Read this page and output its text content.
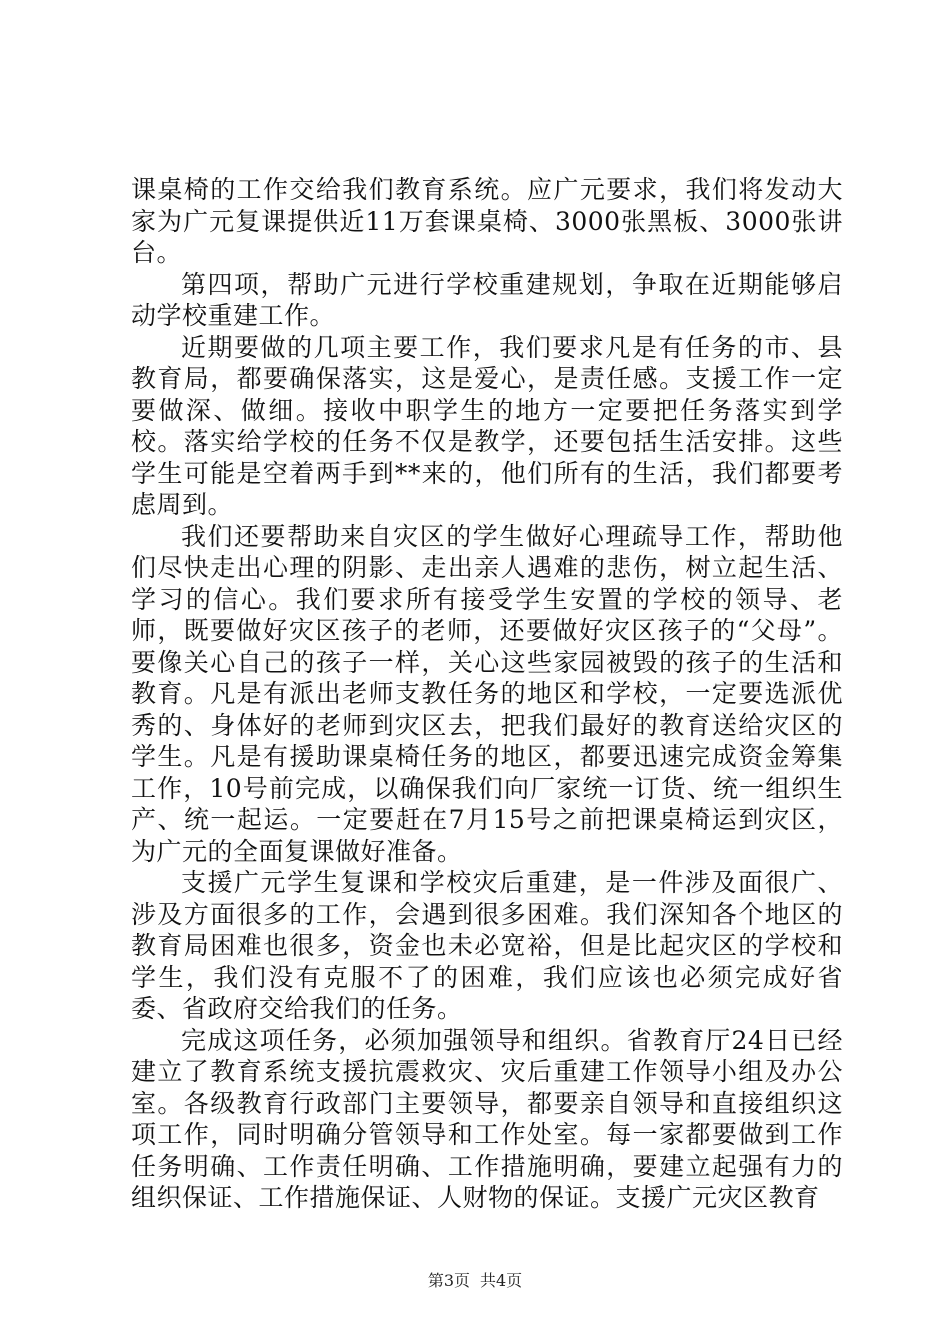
课桌椅的工作交给我们教育系统。应广元要求，我们将发动大家为广元复课提供近11万套课桌椅、3000张黑板、3000张讲台。

第四项，帮助广元进行学校重建规划，争取在近期能够启动学校重建工作。

近期要做的几项主要工作，我们要求凡是有任务的市、县教育局，都要确保落实，这是爱心，是责任感。支援工作一定要做深、做细。接收中职学生的地方一定要把任务落实到学校。落实给学校的任务不仅是教学，还要包括生活安排。这些学生可能是空着两手到**来的，他们所有的生活，我们都要考虑周到。

我们还要帮助来自灾区的学生做好心理疏导工作，帮助他们尽快走出心理的阴影、走出亲人遇难的悲伤，树立起生活、学习的信心。我们要求所有接受学生安置的学校的领导、老师，既要做好灾区孩子的老师，还要做好灾区孩子的“父母”。要像关心自己的孩子一样，关心这些家园被毁的孩子的生活和教育。凡是有派出老师支教任务的地区和学校，一定要选派优秀的、身体好的老师到灾区去，把我们最好的教育送给灾区的学生。凡是有援助课桌椅任务的地区，都要迅速完成资金筹集工作，10号前完成，以确保我们向厂家统一订货、统一组织生产、统一起运。一定要赶在7月15号之前把课桌椅运到灾区，为广元的全面复课做好准备。

支援广元学生复课和学校灾后重建，是一件涉及面很广、涉及方面很多的工作，会遇到很多困难。我们深知各个地区的教育局困难也很多，资金也未必宽裕，但是比起灾区的学校和学生，我们没有克服不了的困难，我们应该也必须完成好省委、省政府交给我们的任务。

完成这项任务，必须加强领导和组织。省教育厅24日已经建立了教育系统支援抗震救灾、灾后重建工作领导小组及办公室。各级教育行政部门主要领导，都要亲自领导和直接组织这项工作，同时明确分管领导和工作处室。每一家都要做到工作任务明确、工作责任明确、工作措施明确，要建立起强有力的组织保证、工作措施保证、人财物的保证。支援广元灾区教育

第3页 共4页
